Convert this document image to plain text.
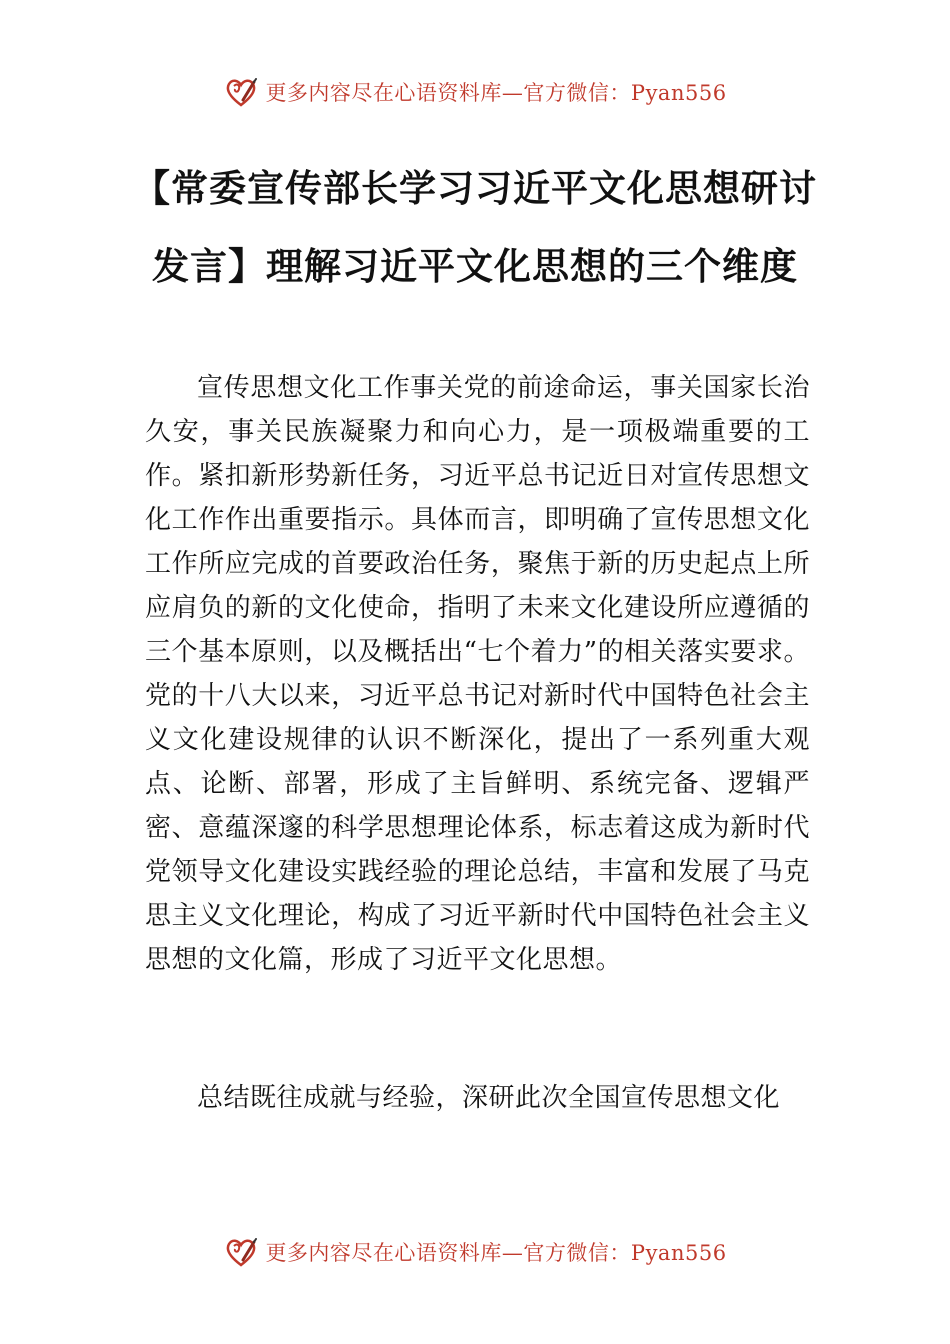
更多内容尽在心语资料库—官方微信：Pyan556
【常委宣传部长学习习近平文化思想研讨发言】理解习近平文化思想的三个维度

宣传思想文化工作事关党的前途命运，事关国家长治久安，事关民族凝聚力和向心力，是一项极端重要的工作。紧扣新形势新任务，习近平总书记近日对宣传思想文化工作作出重要指示。具体而言，即明确了宣传思想文化工作所应完成的首要政治任务，聚焦于新的历史起点上所应肩负的新的文化使命，指明了未来文化建设所应遵循的三个基本原则，以及概括出“七个着力”的相关落实要求。党的十八大以来，习近平总书记对新时代中国特色社会主义文化建设规律的认识不断深化，提出了一系列重大观点、论断、部署，形成了主旨鲜明、系统完备、逻辑严密、意蕴深邃的科学思想理论体系，标志着这成为新时代党领导文化建设实践经验的理论总结，丰富和发展了马克思主义文化理论，构成了习近平新时代中国特色社会主义思想的文化篇，形成了习近平文化思想。

总结既往成就与经验，深研此次全国宣传思想文化

更多内容尽在心语资料库—官方微信：Pyan556
